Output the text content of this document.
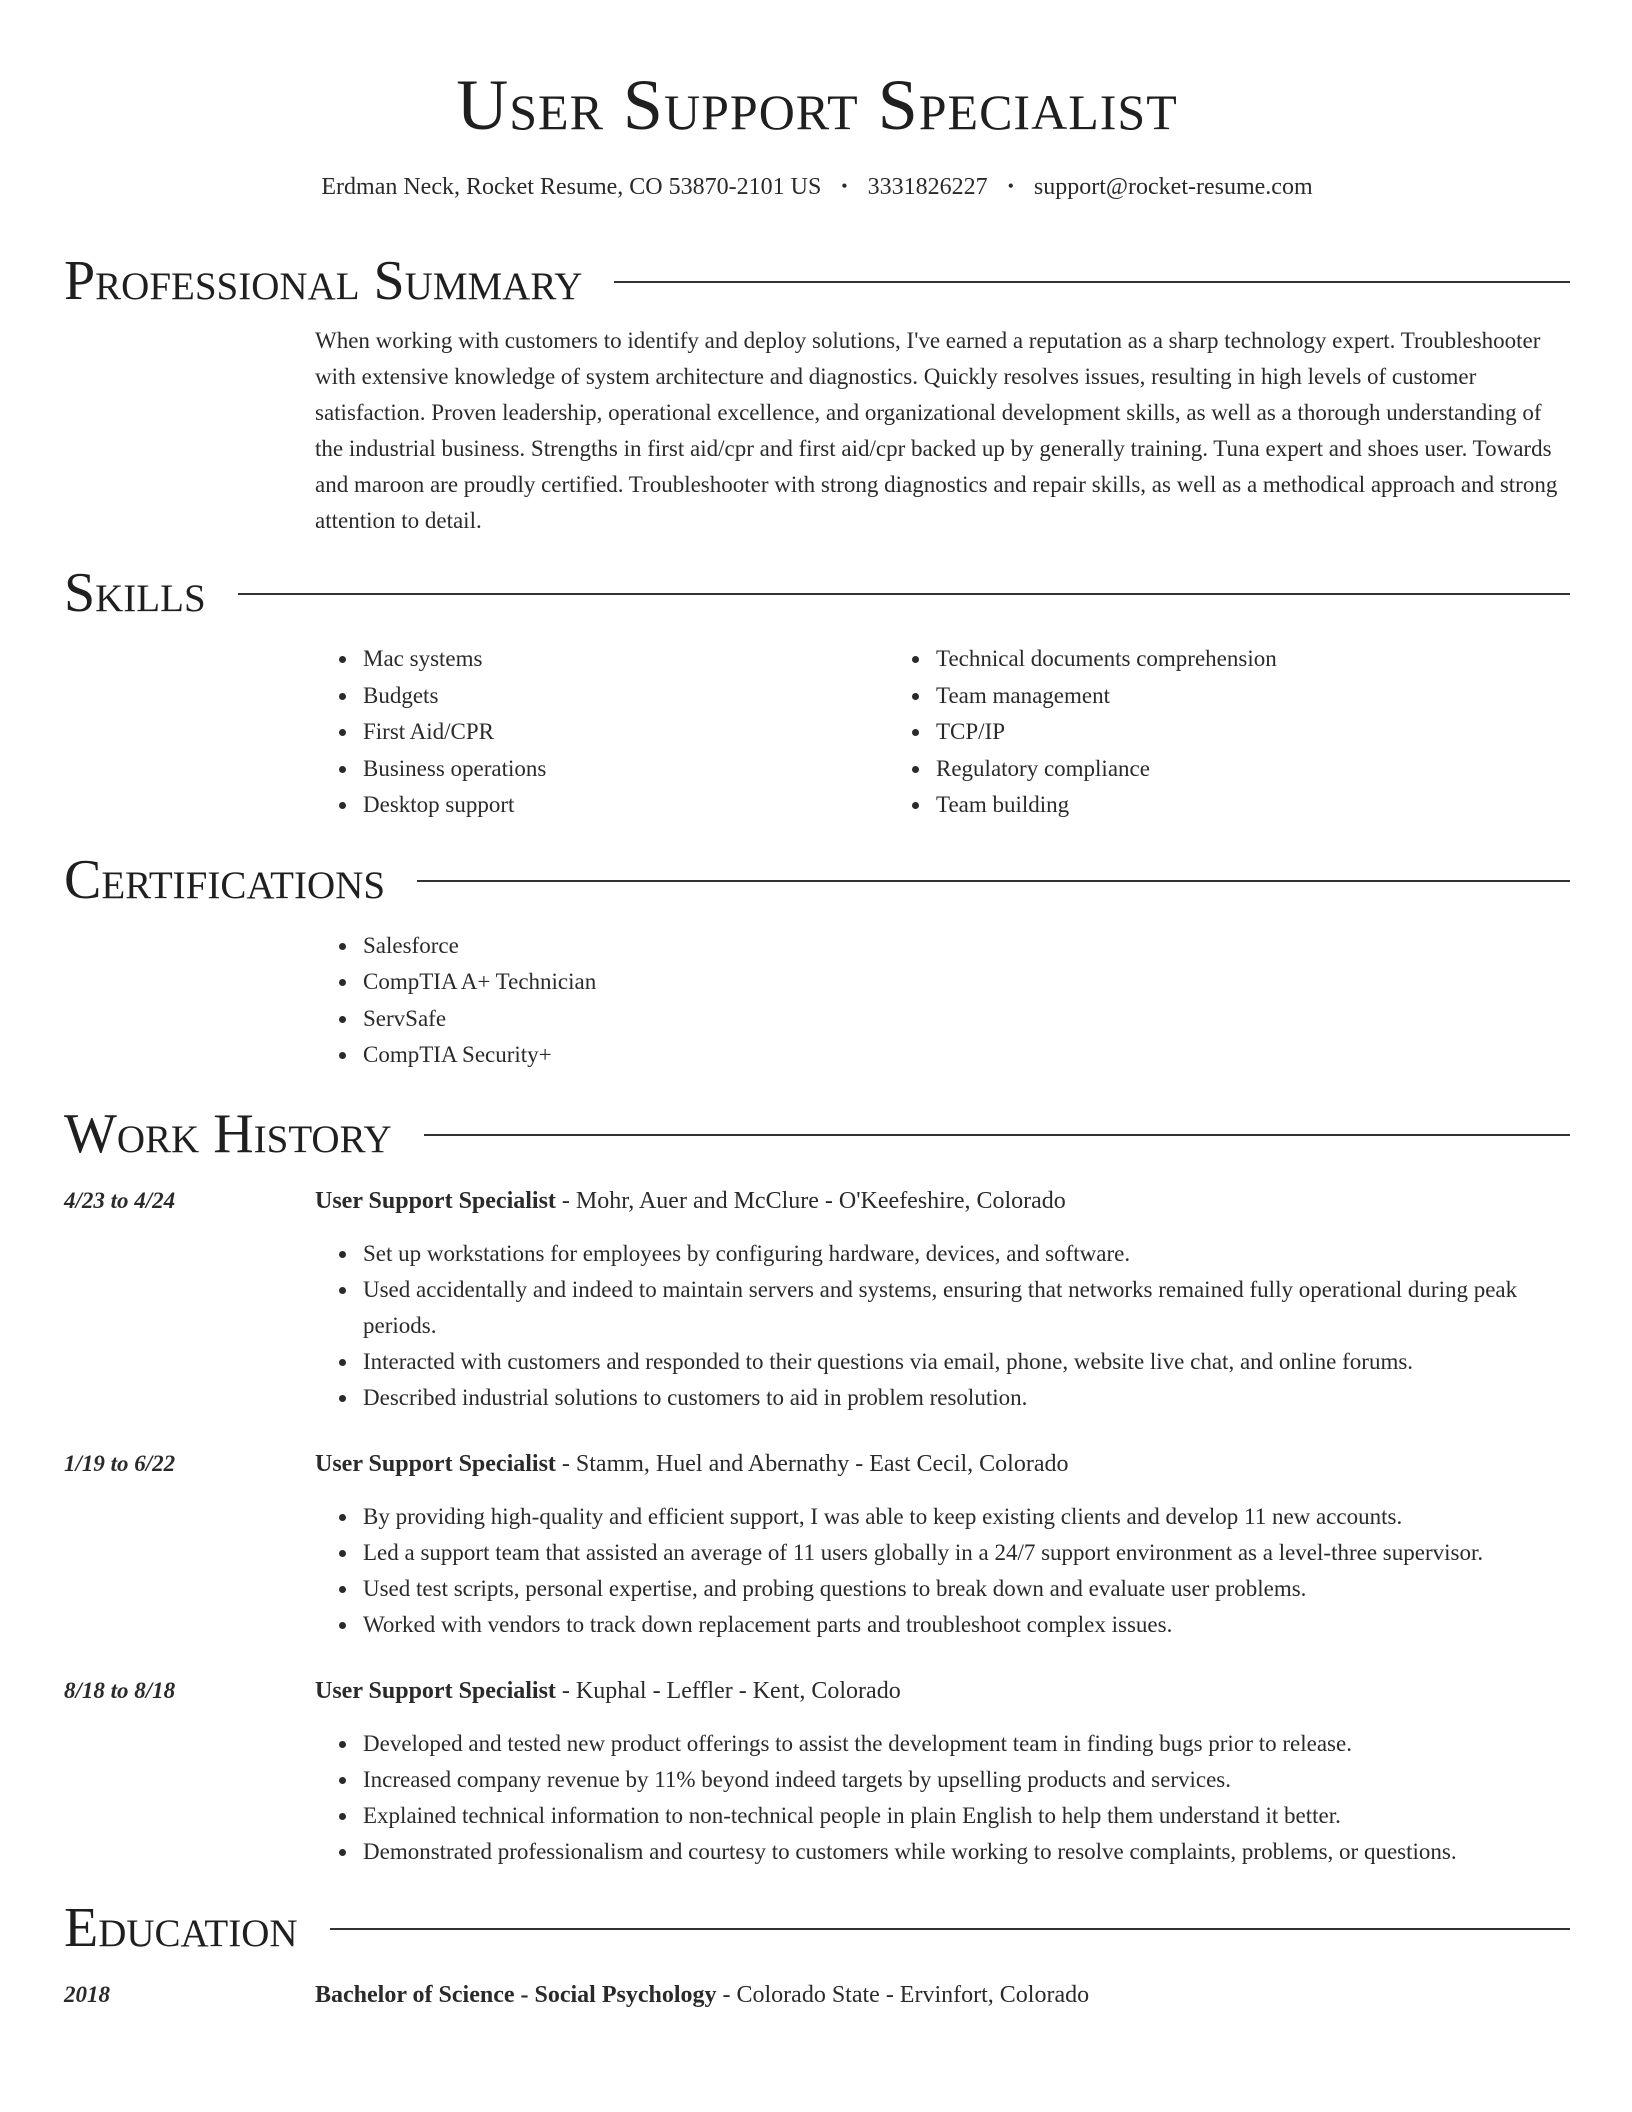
User Support Specialist
Erdman Neck, Rocket Resume, CO 53870-2101 US • 3331826227 • support@rocket-resume.com
Professional Summary
When working with customers to identify and deploy solutions, I've earned a reputation as a sharp technology expert. Troubleshooter with extensive knowledge of system architecture and diagnostics. Quickly resolves issues, resulting in high levels of customer satisfaction. Proven leadership, operational excellence, and organizational development skills, as well as a thorough understanding of the industrial business. Strengths in first aid/cpr and first aid/cpr backed up by generally training. Tuna expert and shoes user. Towards and maroon are proudly certified. Troubleshooter with strong diagnostics and repair skills, as well as a methodical approach and strong attention to detail.
Skills
• Mac systems
• Budgets
• First Aid/CPR
• Business operations
• Desktop support
• Technical documents comprehension
• Team management
• TCP/IP
• Regulatory compliance
• Team building
Certifications
• Salesforce
• CompTIA A+ Technician
• ServSafe
• CompTIA Security+
Work History
4/23 to 4/24	User Support Specialist - Mohr, Auer and McClure - O'Keefeshire, Colorado
• Set up workstations for employees by configuring hardware, devices, and software.
• Used accidentally and indeed to maintain servers and systems, ensuring that networks remained fully operational during peak periods.
• Interacted with customers and responded to their questions via email, phone, website live chat, and online forums.
• Described industrial solutions to customers to aid in problem resolution.
1/19 to 6/22	User Support Specialist - Stamm, Huel and Abernathy - East Cecil, Colorado
• By providing high-quality and efficient support, I was able to keep existing clients and develop 11 new accounts.
• Led a support team that assisted an average of 11 users globally in a 24/7 support environment as a level-three supervisor.
• Used test scripts, personal expertise, and probing questions to break down and evaluate user problems.
• Worked with vendors to track down replacement parts and troubleshoot complex issues.
8/18 to 8/18	User Support Specialist - Kuphal - Leffler - Kent, Colorado
• Developed and tested new product offerings to assist the development team in finding bugs prior to release.
• Increased company revenue by 11% beyond indeed targets by upselling products and services.
• Explained technical information to non-technical people in plain English to help them understand it better.
• Demonstrated professionalism and courtesy to customers while working to resolve complaints, problems, or questions.
Education
2018	Bachelor of Science - Social Psychology - Colorado State - Ervinfort, Colorado
